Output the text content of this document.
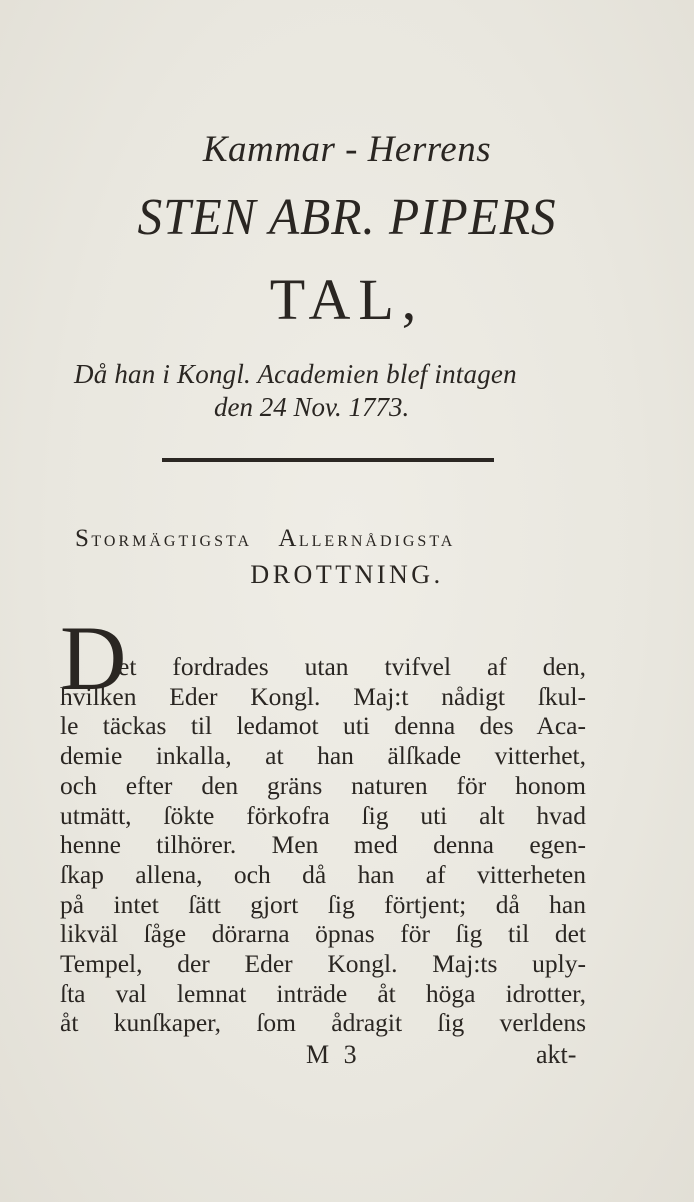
Kammar - Herrens
STEN ABR. PIPERS
TAL,
Då han i Kongl. Academien blef intagen
den 24 Nov. 1773.
STORMÄGTIGSTA ALLERNÅDIGSTA
DROTTNING.
D
et fordrades utan tvifvel af den,
hvilken Eder Kongl. Maj:t nådigt ſkul-
le täckas til ledamot uti denna des Aca-
demie inkalla, at han älſkade vitterhet,
och efter den gräns naturen för honom
utmätt, ſökte förkofra ſig uti alt hvad
henne tilhörer. Men med denna egen-
ſkap allena, och då han af vitterheten
på intet ſätt gjort ſig förtjent; då han
likväl ſåge dörarna öpnas för ſig til det
Tempel, der Eder Kongl. Maj:ts uply-
ſta val lemnat inträde åt höga idrotter,
åt kunſkaper, ſom ådragit ſig verldens
M 3	akt-
